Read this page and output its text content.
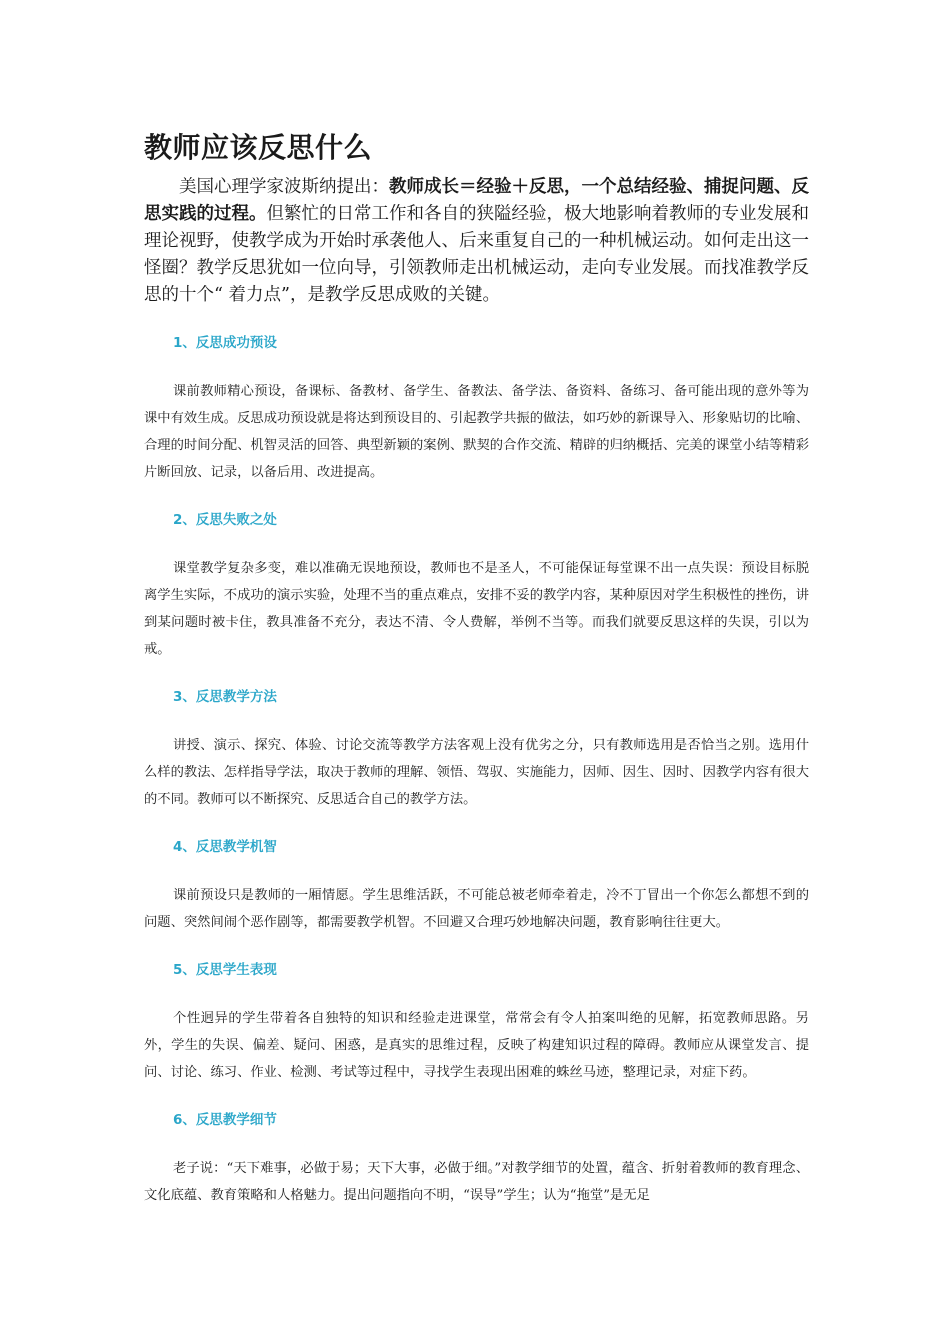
教师应该反思什么

美国心理学家波斯纳提出：教师成长＝经验＋反思，一个总结经验、捕捉问题、反思实践的过程。但繁忙的日常工作和各自的狭隘经验，极大地影响着教师的专业发展和理论视野，使教学成为开始时承袭他人、后来重复自己的一种机械运动。如何走出这一怪圈？教学反思犹如一位向导，引领教师走出机械运动，走向专业发展。而找准教学反思的十个“ 着力点”，是教学反思成败的关键。

1、反思成功预设

课前教师精心预设，备课标、备教材、备学生、备教法、备学法、备资料、备练习、备可能出现的意外等为课中有效生成。反思成功预设就是将达到预设目的、引起教学共振的做法，如巧妙的新课导入、形象贴切的比喻、合理的时间分配、机智灵活的回答、典型新颖的案例、默契的合作交流、精辟的归纳概括、完美的课堂小结等精彩片断回放、记录，以备后用、改进提高。

2、反思失败之处

课堂教学复杂多变，难以准确无误地预设，教师也不是圣人，不可能保证每堂课不出一点失误：预设目标脱离学生实际，不成功的演示实验，处理不当的重点难点，安排不妥的教学内容，某种原因对学生积极性的挫伤，讲到某问题时被卡住，教具准备不充分，表达不清、令人费解，举例不当等。而我们就要反思这样的失误，引以为戒。

3、反思教学方法

讲授、演示、探究、体验、讨论交流等教学方法客观上没有优劣之分，只有教师选用是否恰当之别。选用什么样的教法、怎样指导学法，取决于教师的理解、领悟、驾驭、实施能力，因师、因生、因时、因教学内容有很大的不同。教师可以不断探究、反思适合自己的教学方法。

4、反思教学机智

课前预设只是教师的一厢情愿。学生思维活跃，不可能总被老师牵着走，冷不丁冒出一个你怎么都想不到的问题、突然间闹个恶作剧等，都需要教学机智。不回避又合理巧妙地解决问题，教育影响往往更大。

5、反思学生表现

个性迥异的学生带着各自独特的知识和经验走进课堂，常常会有令人拍案叫绝的见解，拓宽教师思路。另外，学生的失误、偏差、疑问、困惑，是真实的思维过程，反映了构建知识过程的障碍。教师应从课堂发言、提问、讨论、练习、作业、检测、考试等过程中，寻找学生表现出困难的蛛丝马迹，整理记录，对症下药。

6、反思教学细节

老子说：“天下难事，必做于易；天下大事，必做于细。”对教学细节的处置，蕴含、折射着教师的教育理念、文化底蕴、教育策略和人格魅力。提出问题指向不明，“误导”学生；认为“拖堂”是无足
